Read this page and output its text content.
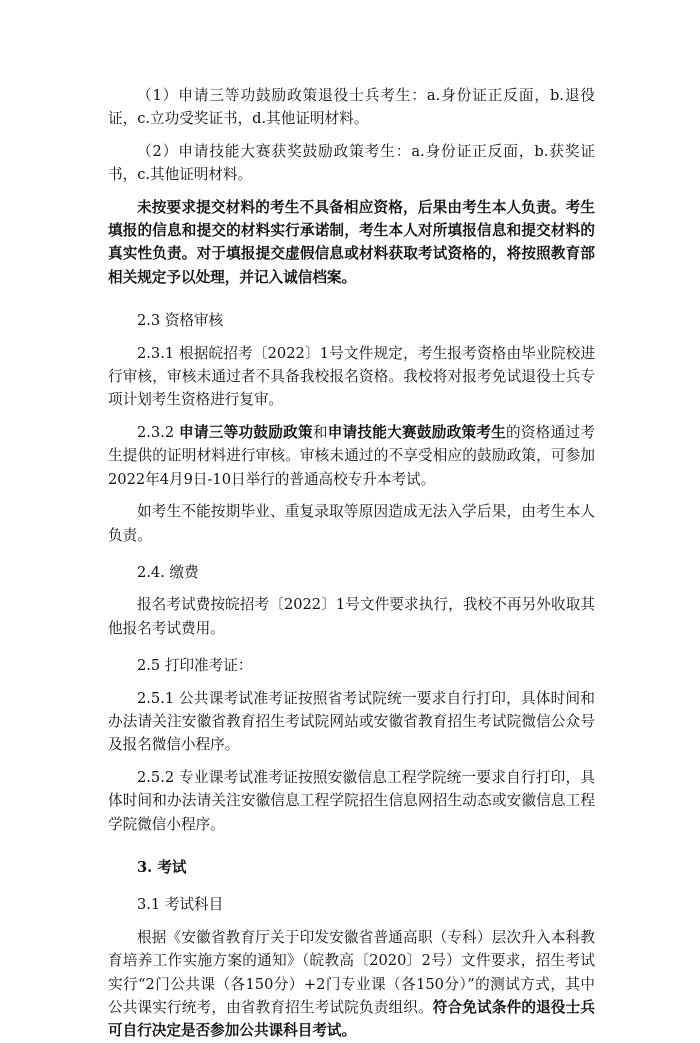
（1）申请三等功鼓励政策退役士兵考生：a.身份证正反面，b.退役证，c.立功受奖证书，d.其他证明材料。

（2）申请技能大赛获奖鼓励政策考生：a.身份证正反面，b.获奖证书，c.其他证明材料。

未按要求提交材料的考生不具备相应资格，后果由考生本人负责。考生填报的信息和提交的材料实行承诺制，考生本人对所填报信息和提交材料的真实性负责。对于填报提交虚假信息或材料获取考试资格的，将按照教育部相关规定予以处理，并记入诚信档案。

2.3 资格审核

2.3.1 根据皖招考〔2022〕1号文件规定，考生报考资格由毕业院校进行审核，审核未通过者不具备我校报名资格。我校将对报考免试退役士兵专项计划考生资格进行复审。

2.3.2 申请三等功鼓励政策和申请技能大赛鼓励政策考生的资格通过考生提供的证明材料进行审核。审核未通过的不享受相应的鼓励政策，可参加2022年4月9日-10日举行的普通高校专升本考试。

如考生不能按期毕业、重复录取等原因造成无法入学后果，由考生本人负责。

2.4. 缴费

报名考试费按皖招考〔2022〕1号文件要求执行，我校不再另外收取其他报名考试费用。

2.5 打印准考证：

2.5.1 公共课考试准考证按照省考试院统一要求自行打印，具体时间和办法请关注安徽省教育招生考试院网站或安徽省教育招生考试院微信公众号及报名微信小程序。

2.5.2 专业课考试准考证按照安徽信息工程学院统一要求自行打印，具体时间和办法请关注安徽信息工程学院招生信息网招生动态或安徽信息工程学院微信小程序。

3. 考试

3.1 考试科目

根据《安徽省教育厅关于印发安徽省普通高职（专科）层次升入本科教育培养工作实施方案的通知》（皖教高〔2020〕2号）文件要求，招生考试实行“2门公共课（各150分）+2门专业课（各150分）”的测试方式，其中公共课实行统考，由省教育招生考试院负责组织。符合免试条件的退役士兵可自行决定是否参加公共课科目考试。
